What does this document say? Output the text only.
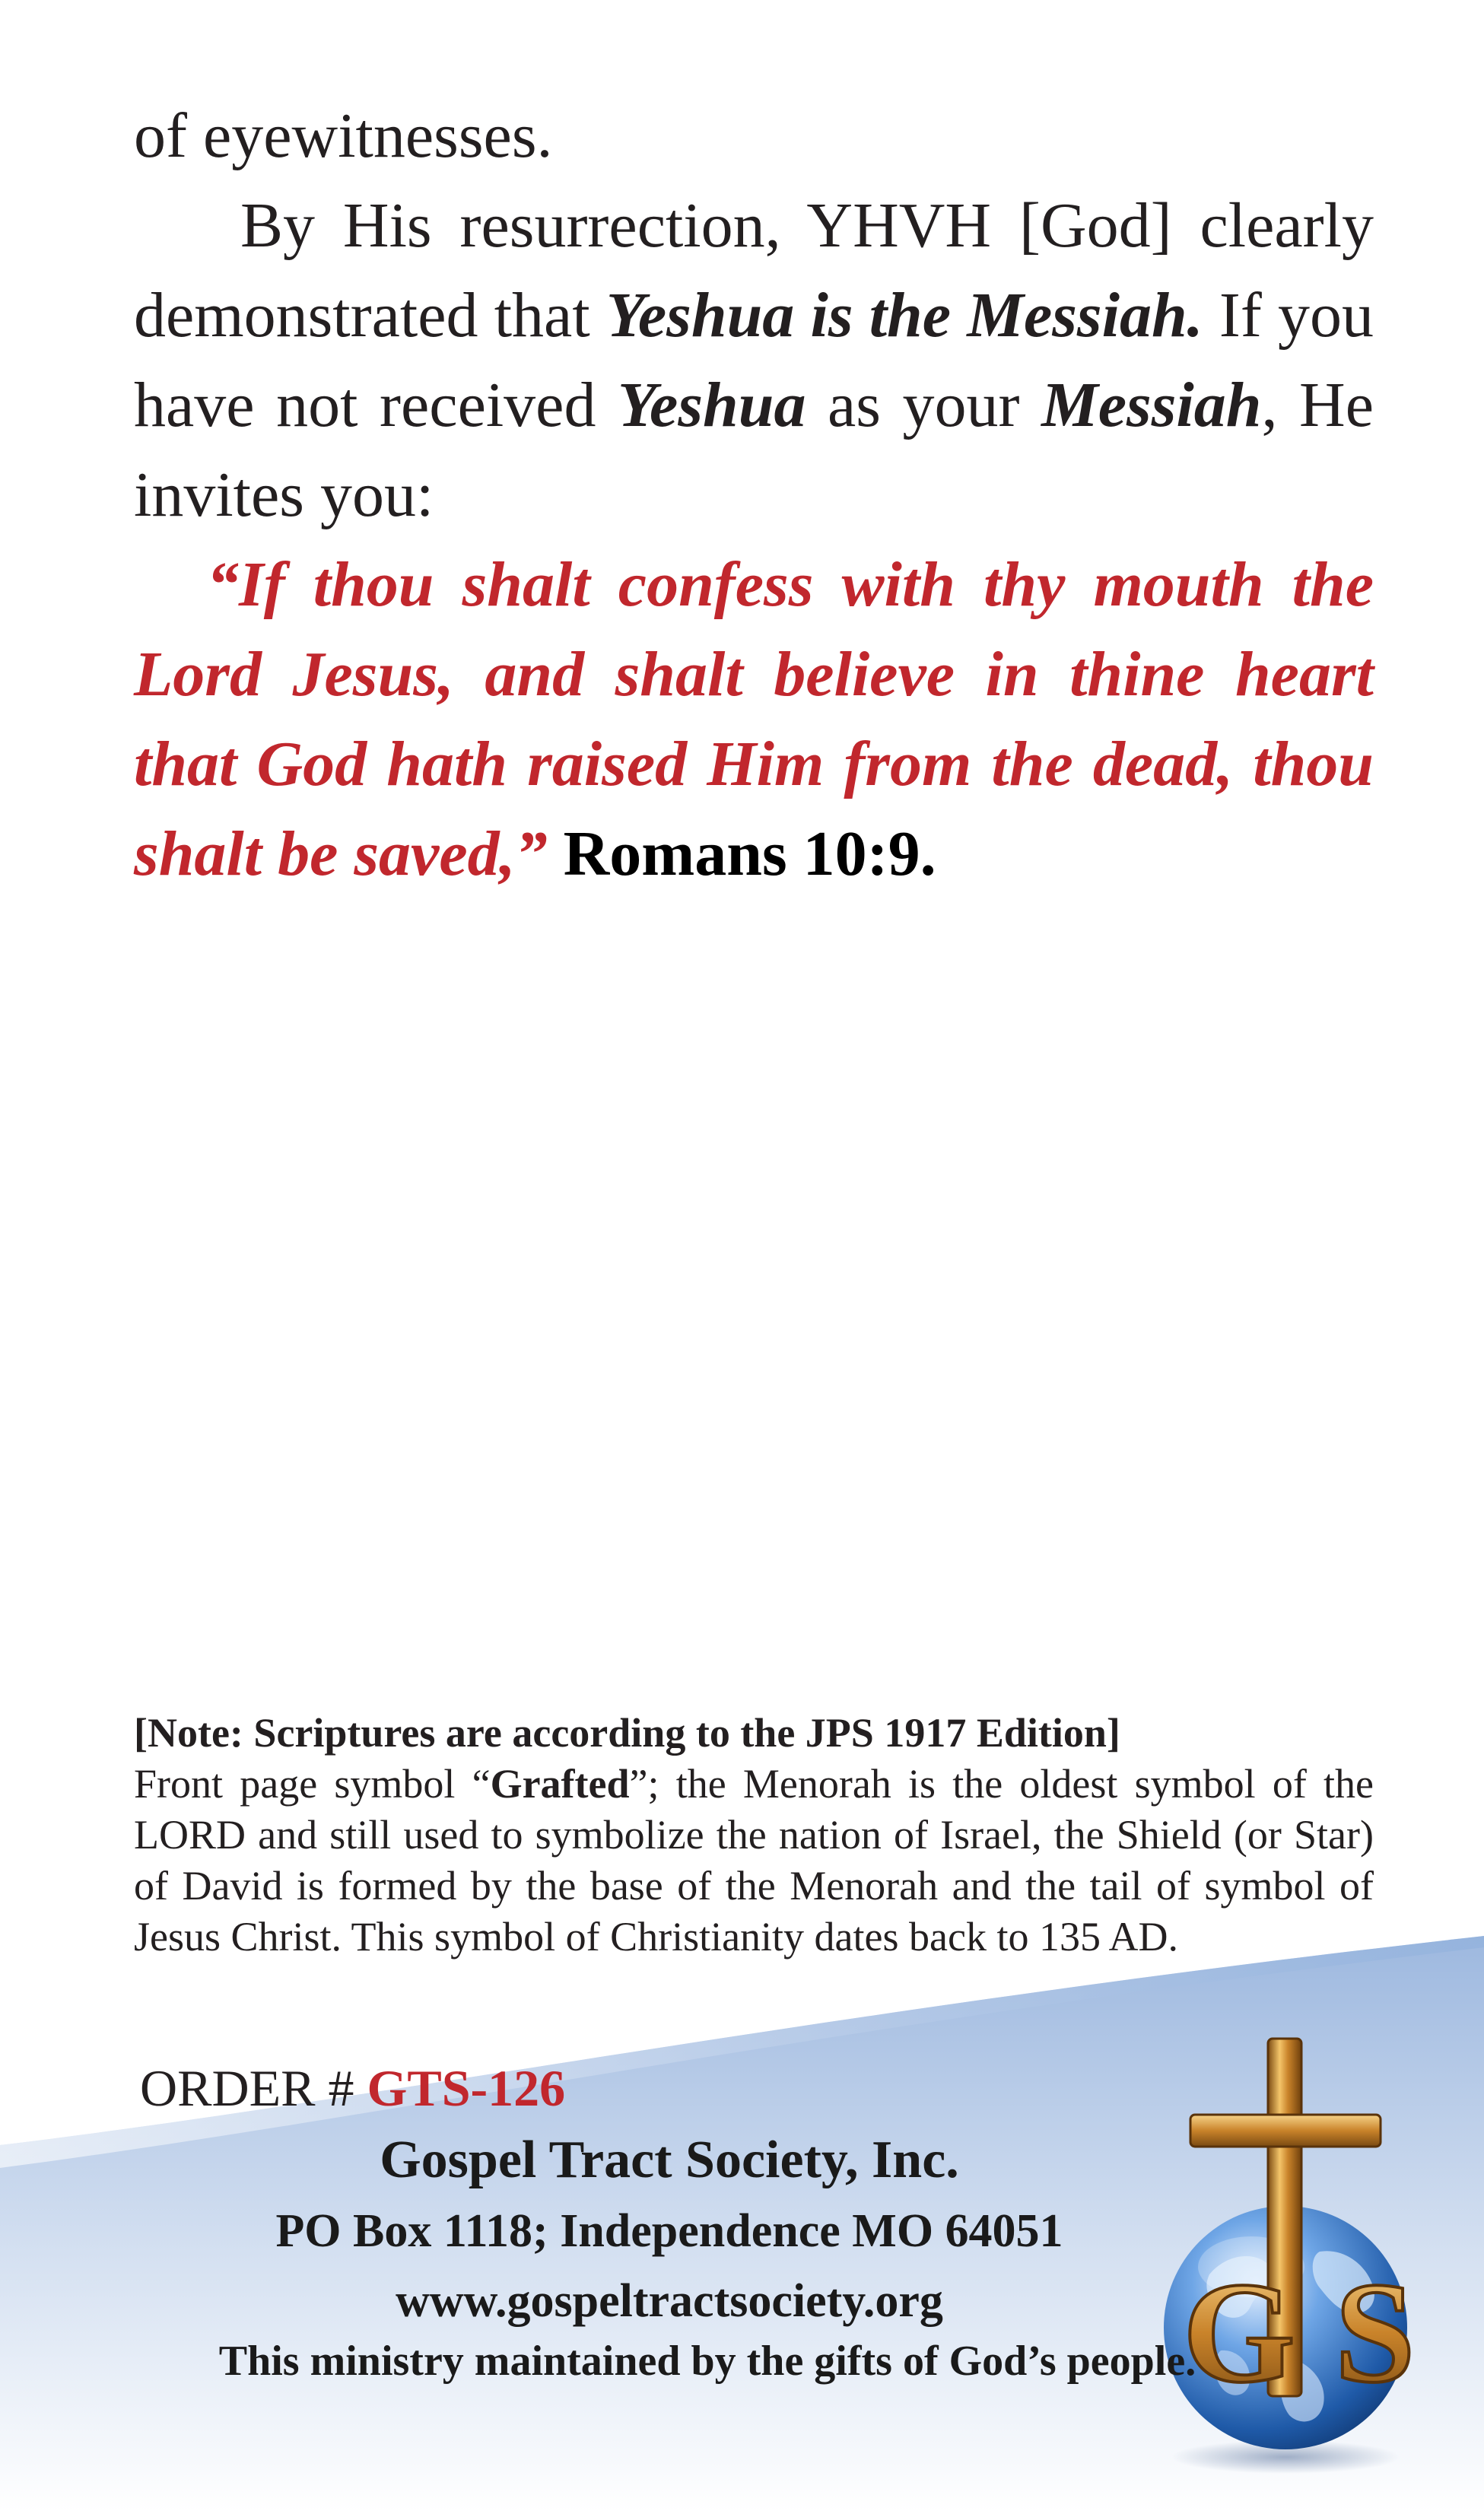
of eyewitnesses.

By His resurrection, YHVH [God] clearly demonstrated that Yeshua is the Messiah. If you have not received Yeshua as your Messiah, He invites you:

“If thou shalt confess with thy mouth the Lord Jesus, and shalt believe in thine heart that God hath raised Him from the dead, thou shalt be saved,” Romans 10:9.

[Note: Scriptures are according to the JPS 1917 Edition]

Front page symbol “Grafted”; the Menorah is the oldest symbol of the LORD and still used to symbolize the nation of Israel, the Shield (or Star) of David is formed by the base of the Menorah and the tail of symbol of Jesus Christ. This symbol of Christianity dates back to 135 AD.

ORDER # GTS-126
Gospel Tract Society, Inc.
PO Box 1118; Independence MO 64051
www.gospeltractsociety.org
This ministry maintained by the gifts of God’s people.
GS
